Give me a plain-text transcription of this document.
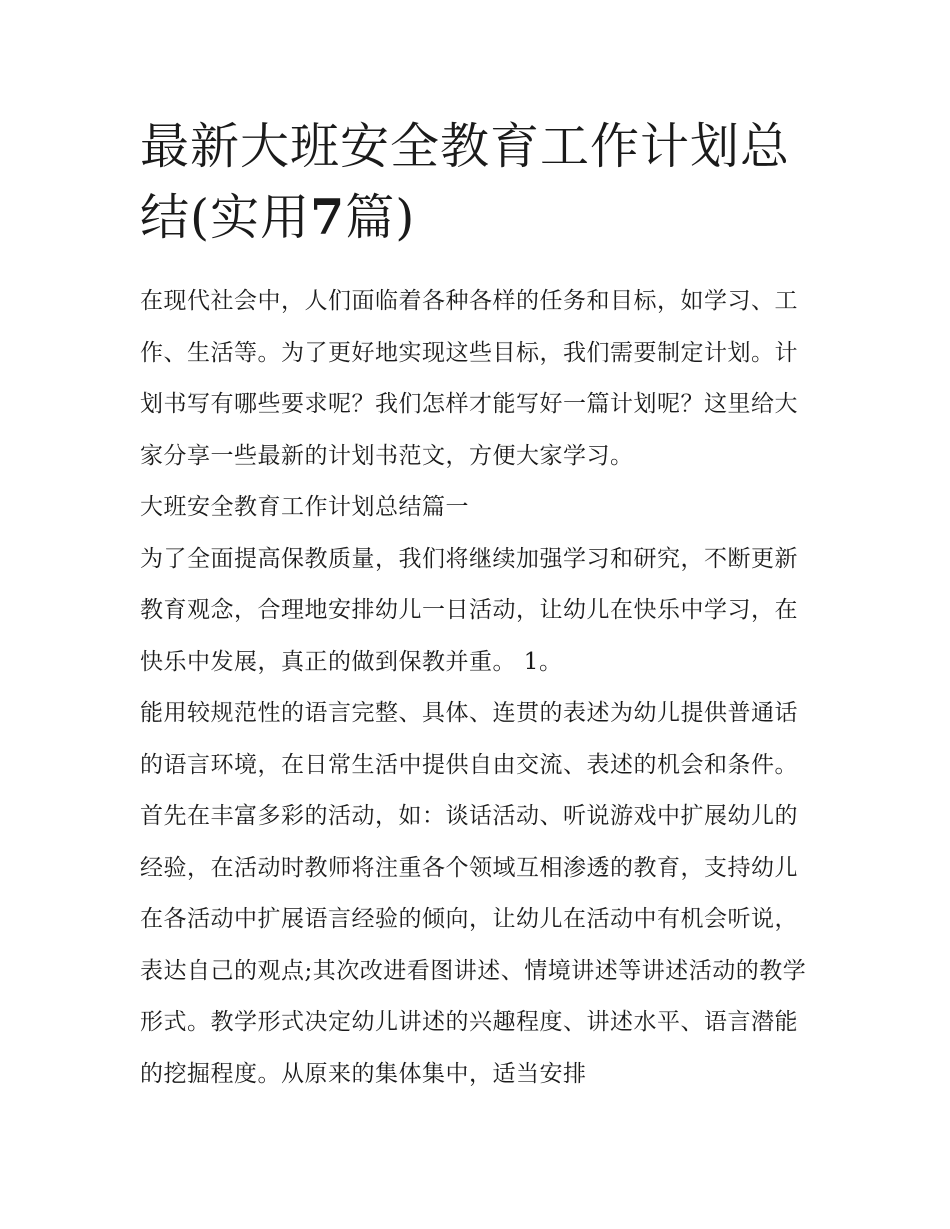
最新大班安全教育工作计划总
结(实用7篇)

在现代社会中，人们面临着各种各样的任务和目标，如学习、工作、生活等。为了更好地实现这些目标，我们需要制定计划。计划书写有哪些要求呢？我们怎样才能写好一篇计划呢？这里给大家分享一些最新的计划书范文，方便大家学习。

大班安全教育工作计划总结篇一

为了全面提高保教质量，我们将继续加强学习和研究，不断更新教育观念，合理地安排幼儿一日活动，让幼儿在快乐中学习，在快乐中发展，真正的做到保教并重。 1。

能用较规范性的语言完整、具体、连贯的表述为幼儿提供普通话的语言环境，在日常生活中提供自由交流、表述的机会和条件。首先在丰富多彩的活动，如：谈话活动、听说游戏中扩展幼儿的经验，在活动时教师将注重各个领域互相渗透的教育，支持幼儿在各活动中扩展语言经验的倾向，让幼儿在活动中有机会听说，表达自己的观点;其次改进看图讲述、情境讲述等讲述活动的教学形式。教学形式决定幼儿讲述的兴趣程度、讲述水平、语言潜能的挖掘程度。从原来的集体集中，适当安排
